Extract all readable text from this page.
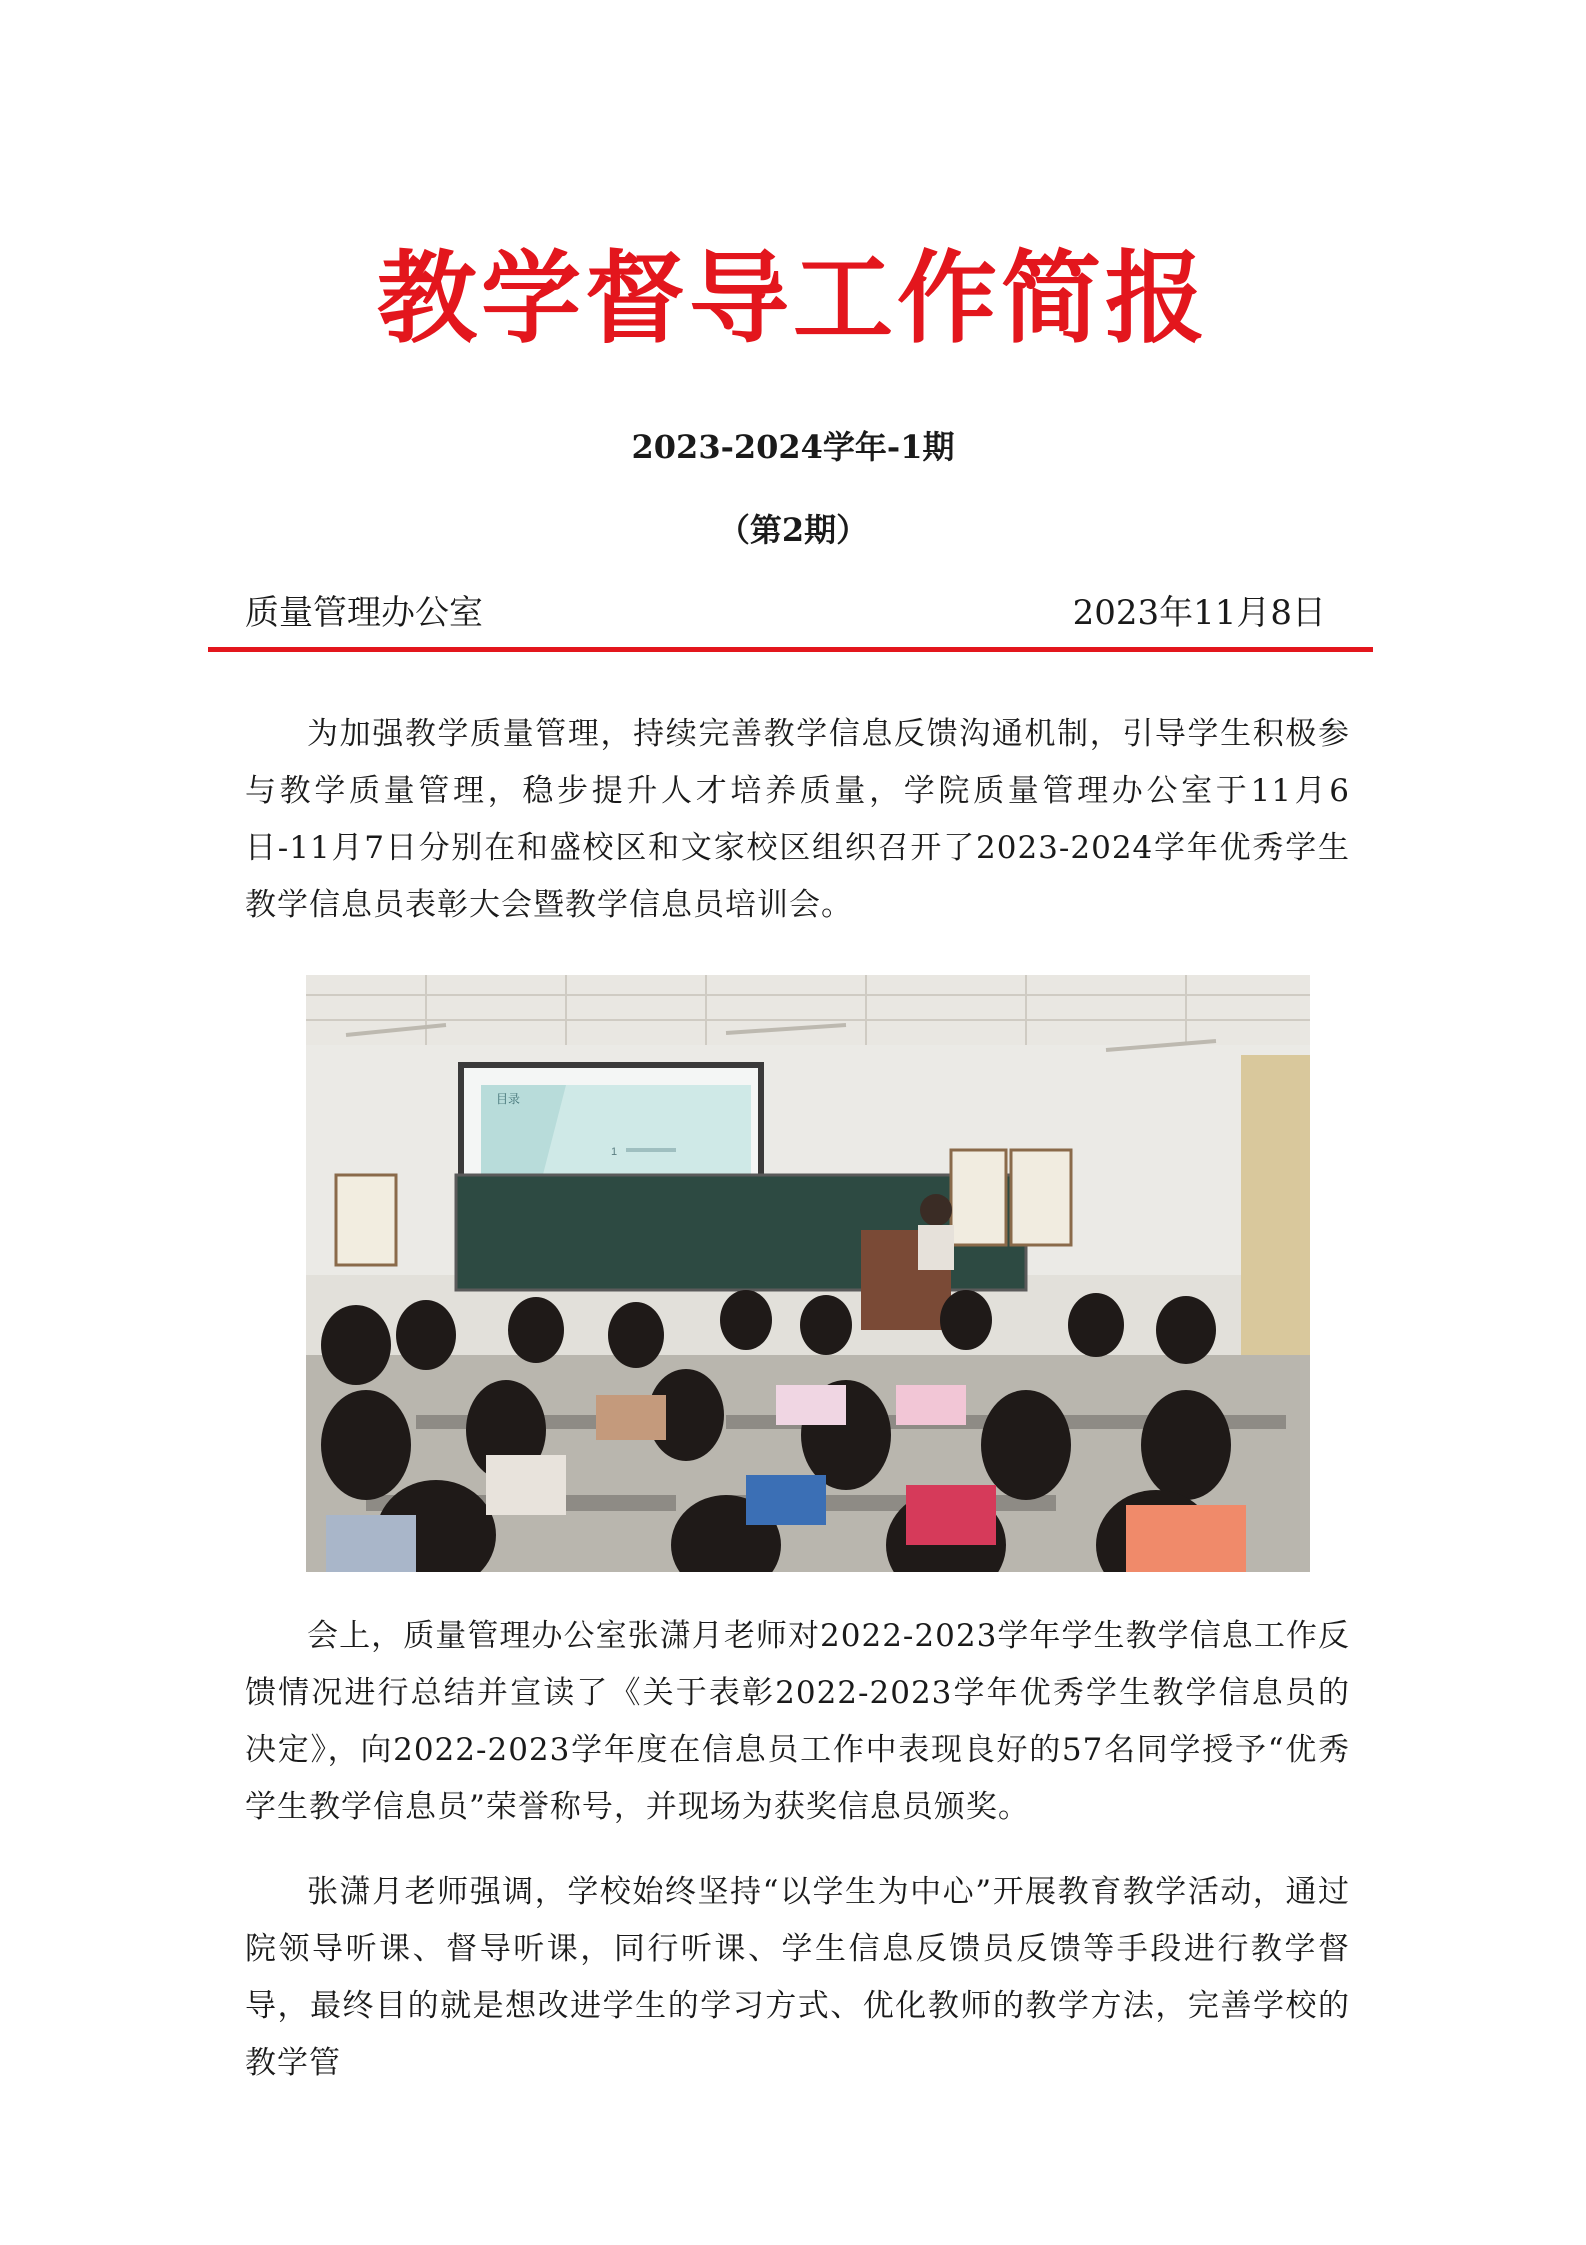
教学督导工作简报
2023-2024学年-1期
（第2期）
质量管理办公室	2023年11月8日

为加强教学质量管理，持续完善教学信息反馈沟通机制，引导学生积极参与教学质量管理，稳步提升人才培养质量，学院质量管理办公室于11月6日-11月7日分别在和盛校区和文家校区组织召开了2023-2024学年优秀学生教学信息员表彰大会暨教学信息员培训会。

目录
1

会上，质量管理办公室张潇月老师对2022-2023学年学生教学信息工作反馈情况进行总结并宣读了《关于表彰2022-2023学年优秀学生教学信息员的决定》，向2022-2023学年度在信息员工作中表现良好的57名同学授予“优秀学生教学信息员”荣誉称号，并现场为获奖信息员颁奖。

张潇月老师强调，学校始终坚持“以学生为中心”开展教育教学活动，通过院领导听课、督导听课，同行听课、学生信息反馈员反馈等手段进行教学督导，最终目的就是想改进学生的学习方式、优化教师的教学方法，完善学校的教学管
